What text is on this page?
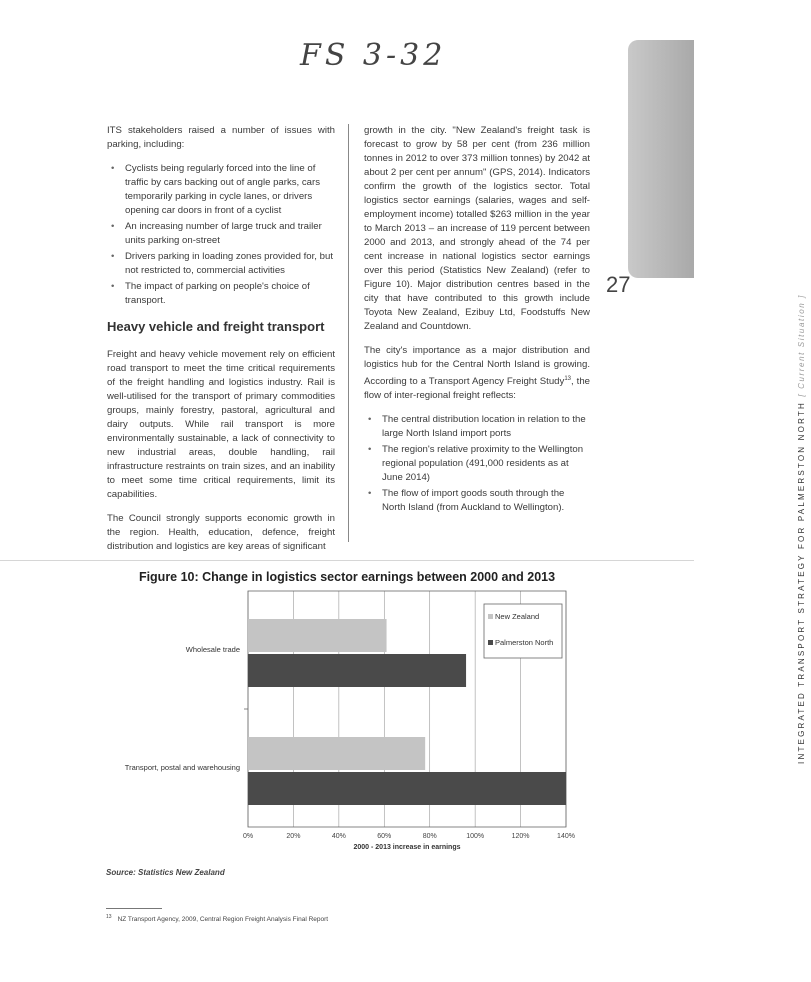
FS 3-32
27
INTEGRATED TRANSPORT STRATEGY FOR PALMERSTON NORTH [ Current Situation ]

ITS stakeholders raised a number of issues with parking, including:

• Cyclists being regularly forced into the line of traffic by cars backing out of angle parks, cars temporarily parking in cycle lanes, or drivers opening car doors in front of a cyclist
• An increasing number of large truck and trailer units parking on-street
• Drivers parking in loading zones provided for, but not restricted to, commercial activities
• The impact of parking on people's choice of transport.
Heavy vehicle and freight transport

Freight and heavy vehicle movement rely on efficient road transport to meet the time critical requirements of the freight handling and logistics industry. Rail is well-utilised for the transport of primary commodities groups, mainly forestry, pastoral, agricultural and dairy outputs. While rail transport is more environmentally sustainable, a lack of connectivity to new industrial areas, double handling, rail infrastructure restraints on train sizes, and an inability to meet some time critical requirements, limit its capabilities.

The Council strongly supports economic growth in the region. Health, education, defence, freight distribution and logistics are key areas of significant

growth in the city. "New Zealand's freight task is forecast to grow by 58 per cent (from 236 million tonnes in 2012 to over 373 million tonnes) by 2042 at about 2 per cent per annum" (GPS, 2014). Indicators confirm the growth of the logistics sector. Total logistics sector earnings (salaries, wages and self-employment income) totalled $263 million in the year to March 2013 – an increase of 119 percent between 2000 and 2013, and strongly ahead of the 74 per cent increase in national logistics sector earnings over this period (Statistics New Zealand) (refer to Figure 10). Major distribution centres based in the city that have contributed to this growth include Toyota New Zealand, Ezibuy Ltd, Foodstuffs New Zealand and Countdown.

The city's importance as a major distribution and logistics hub for the Central North Island is growing. According to a Transport Agency Freight Study$^{13}$, the flow of inter-regional freight reflects:

• The central distribution location in relation to the large North Island import ports
• The region's relative proximity to the Wellington regional population (491,000 residents as at June 2014)
• The flow of import goods south through the North Island (from Auckland to Wellington).
Figure 10: Change in logistics sector earnings between 2000 and 2013
0%	20%	40%	60%	80%	100%	120%	140%
Wholesale trade
Transport, postal and warehousing
2000 - 2013 increase in earnings
New Zealand
Palmerston North
Source: Statistics New Zealand
$^{13}$ NZ Transport Agency, 2009, Central Region Freight Analysis Final Report
